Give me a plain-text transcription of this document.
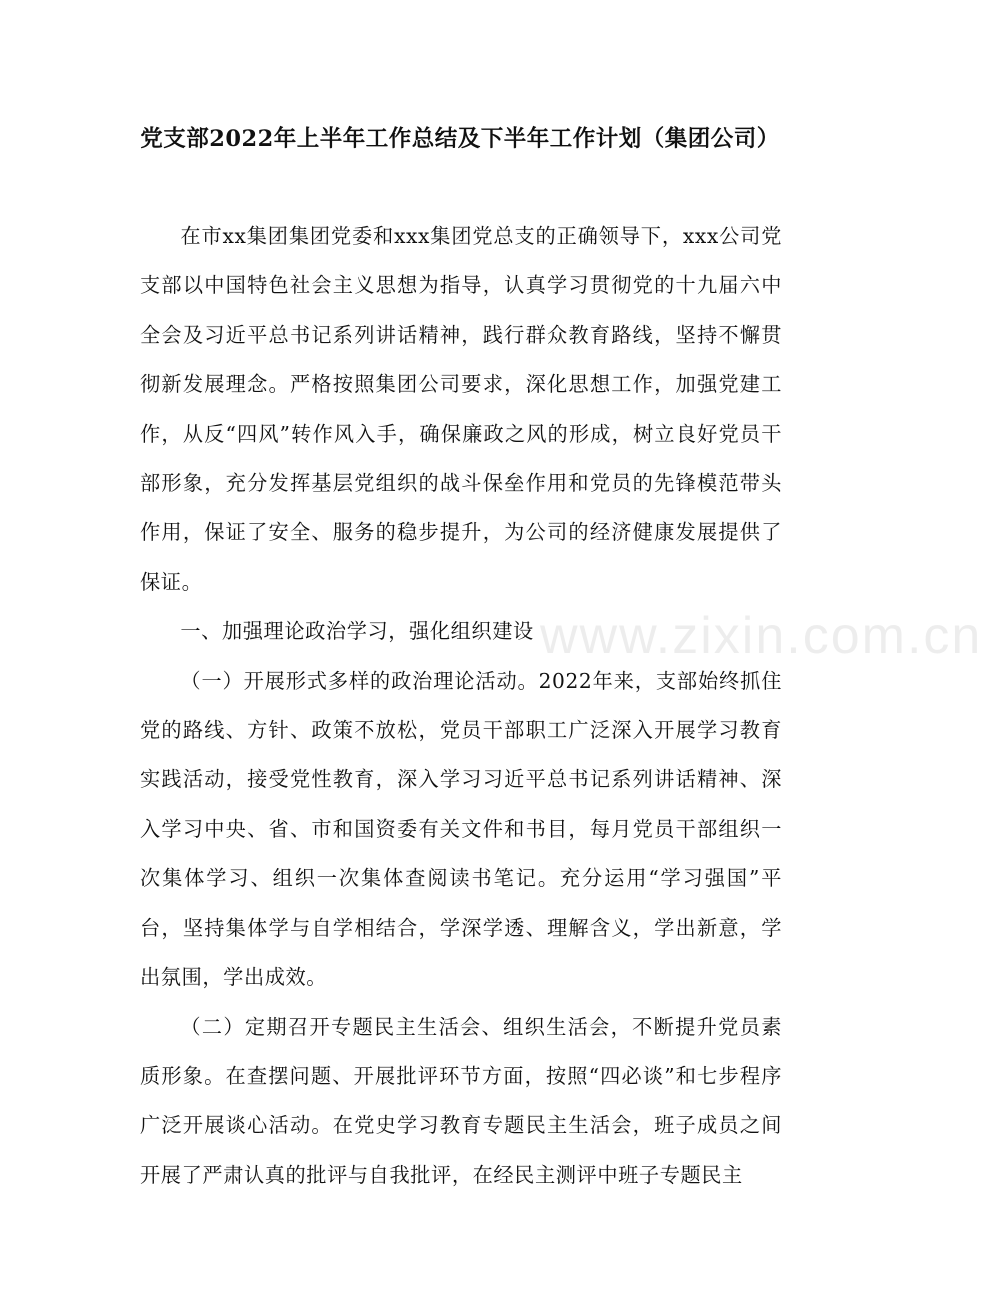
党支部2022年上半年工作总结及下半年工作计划（集团公司）

在市xx集团集团党委和xxx集团党总支的正确领导下，xxx公司党支部以中国特色社会主义思想为指导，认真学习贯彻党的十九届六中全会及习近平总书记系列讲话精神，践行群众教育路线，坚持不懈贯彻新发展理念。严格按照集团公司要求，深化思想工作，加强党建工作，从反“四风”转作风入手，确保廉政之风的形成，树立良好党员干部形象，充分发挥基层党组织的战斗保垒作用和党员的先锋模范带头作用，保证了安全、服务的稳步提升，为公司的经济健康发展提供了保证。

一、加强理论政治学习，强化组织建设

（一）开展形式多样的政治理论活动。2022年来，支部始终抓住党的路线、方针、政策不放松，党员干部职工广泛深入开展学习教育实践活动，接受党性教育，深入学习习近平总书记系列讲话精神、深入学习中央、省、市和国资委有关文件和书目，每月党员干部组织一次集体学习、组织一次集体查阅读书笔记。充分运用“学习强国”平台，坚持集体学与自学相结合，学深学透、理解含义，学出新意，学出氛围，学出成效。

（二）定期召开专题民主生活会、组织生活会，不断提升党员素质形象。在查摆问题、开展批评环节方面，按照“四必谈”和七步程序广泛开展谈心活动。在党史学习教育专题民主生活会，班子成员之间开展了严肃认真的批评与自我批评，在经民主测评中班子专题民主

www.zixin.com.cn
